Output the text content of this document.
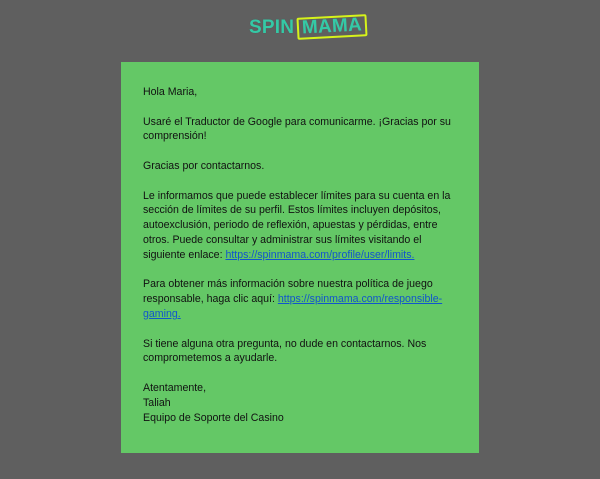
SPIN MAMA

Hola Maria,

Usaré el Traductor de Google para comunicarme. ¡Gracias por su comprensión!

Gracias por contactarnos.

Le informamos que puede establecer límites para su cuenta en la sección de límites de su perfil. Estos límites incluyen depósitos, autoexclusión, periodo de reflexión, apuestas y pérdidas, entre otros. Puede consultar y administrar sus límites visitando el siguiente enlace: https://spinmama.com/profile/user/limits.

Para obtener más información sobre nuestra política de juego responsable, haga clic aquí: https://spinmama.com/responsible-gaming.

Si tiene alguna otra pregunta, no dude en contactarnos. Nos comprometemos a ayudarle.

Atentamente,
Taliah
Equipo de Soporte del Casino
